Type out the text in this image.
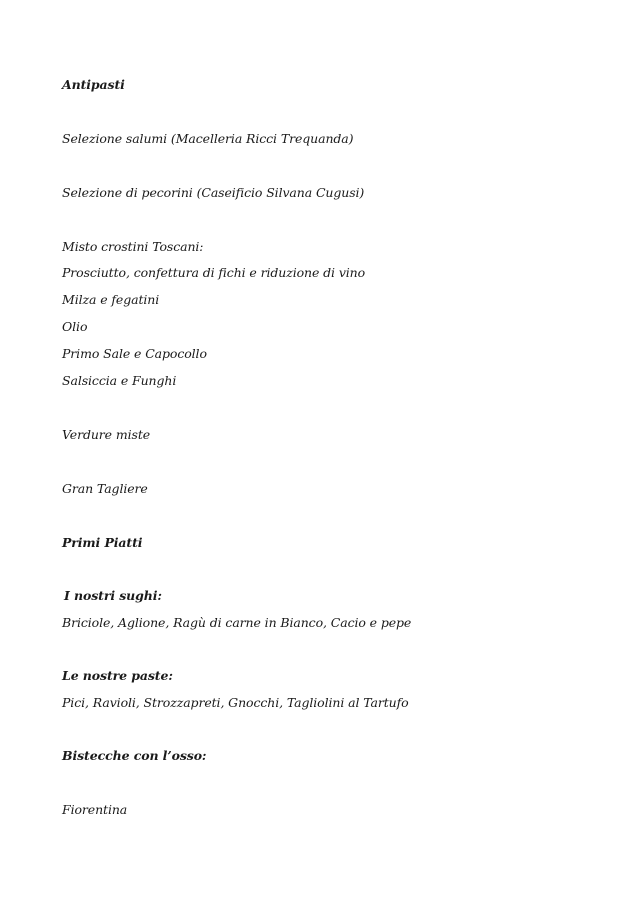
Antipasti
Selezione salumi (Macelleria Ricci Trequanda)
Selezione di pecorini (Caseificio Silvana Cugusi)
Misto crostini Toscani:
Prosciutto, confettura di fichi e riduzione di vino
Milza e fegatini
Olio
Primo Sale e Capocollo
Salsiccia e Funghi
Verdure miste
Gran Tagliere
Primi Piatti
I nostri sughi:
Briciole, Aglione, Ragù di carne in Bianco, Cacio e pepe
Le nostre paste:
Pici, Ravioli, Strozzapreti, Gnocchi, Tagliolini al Tartufo
Bistecche con l’osso:
Fiorentina
